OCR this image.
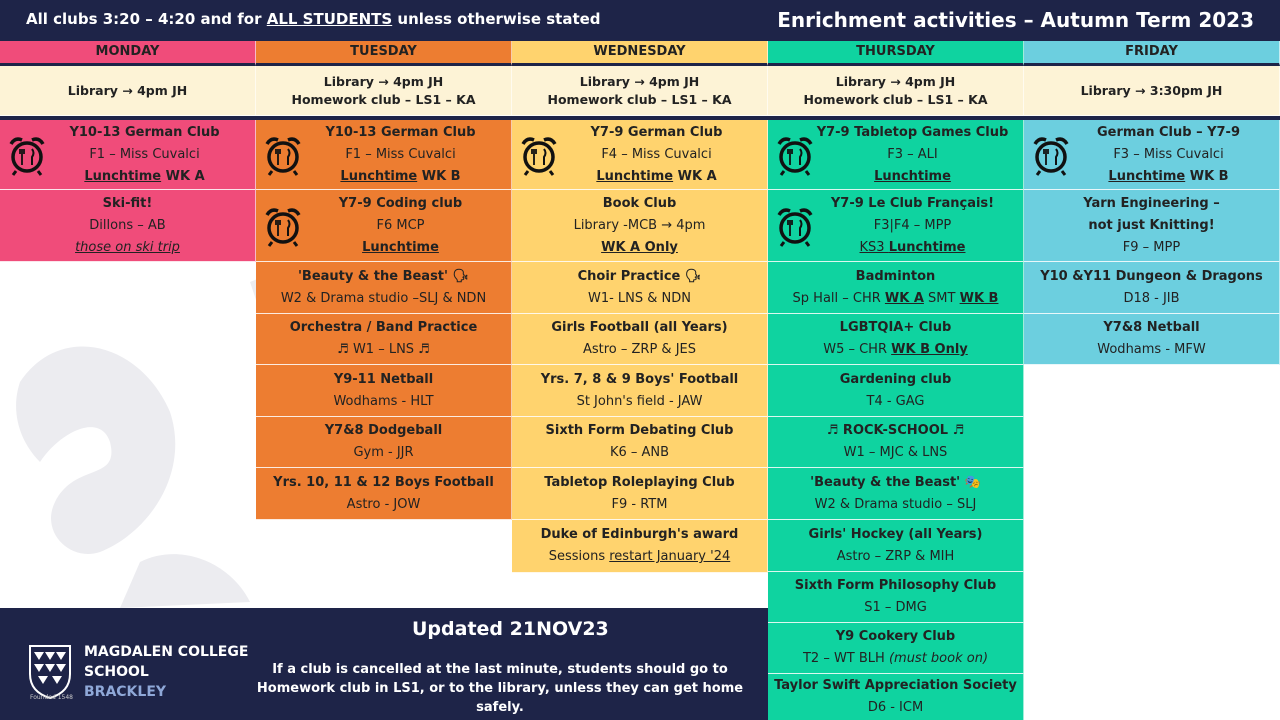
All clubs 3:20 – 4:20 and for ALL STUDENTS unless otherwise stated	Enrichment activities – Autumn Term 2023
MONDAY
Library → 4pm JH
Y10-13 German Club
F1 – Miss Cuvalci
Lunchtime WK A
Ski-fit!
Dillons – AB
those on ski trip
TUESDAY
Library → 4pm JH
Homework club – LS1 – KA
Y10-13 German Club
F1 – Miss Cuvalci
Lunchtime WK B
Y7-9 Coding club
F6 MCP
Lunchtime
'Beauty & the Beast' 🗣
W2 & Drama studio –SLJ & NDN
Orchestra / Band Practice
♬ W1 – LNS ♬
Y9-11 Netball
Wodhams - HLT
Y7&8 Dodgeball
Gym - JJR
Yrs. 10, 11 & 12 Boys Football
Astro - JOW
WEDNESDAY
Library → 4pm JH
Homework club – LS1 – KA
Y7-9 German Club
F4 – Miss Cuvalci
Lunchtime WK A
Book Club
Library -MCB → 4pm
WK A Only
Choir Practice 🗣
W1- LNS & NDN
Girls Football (all Years)
Astro – ZRP & JES
Yrs. 7, 8 & 9 Boys' Football
St John's field - JAW
Sixth Form Debating Club
K6 – ANB
Tabletop Roleplaying Club
F9 - RTM
Duke of Edinburgh's award
Sessions restart January '24
THURSDAY
Library → 4pm JH
Homework club – LS1 – KA
Y7-9 Tabletop Games Club
F3 – ALI
Lunchtime
Y7-9 Le Club Français!
F3|F4 – MPP
KS3 Lunchtime
Badminton
Sp Hall – CHR WK A SMT WK B
LGBTQIA+ Club
W5 – CHR WK B Only
Gardening club
T4 - GAG
♬ ROCK-SCHOOL ♬
W1 – MJC & LNS
'Beauty & the Beast' 🎭
W2 & Drama studio – SLJ
Girls' Hockey (all Years)
Astro – ZRP & MIH
Sixth Form Philosophy Club
S1 – DMG
Y9 Cookery Club
T2 – WT BLH (must book on)
Taylor Swift Appreciation Society
D6 - ICM
FRIDAY
Library → 3:30pm JH
German Club – Y7-9
F3 – Miss Cuvalci
Lunchtime WK B
Yarn Engineering –
not just Knitting!
F9 – MPP
Y10 &Y11 Dungeon & Dragons
D18 - JIB
Y7&8 Netball
Wodhams - MFW
Founded 1548
MAGDALEN COLLEGE
SCHOOL
BRACKLEY
Updated 21NOV23
If a club is cancelled at the last minute, students should go to Homework club in LS1, or to the library, unless they can get home safely.
